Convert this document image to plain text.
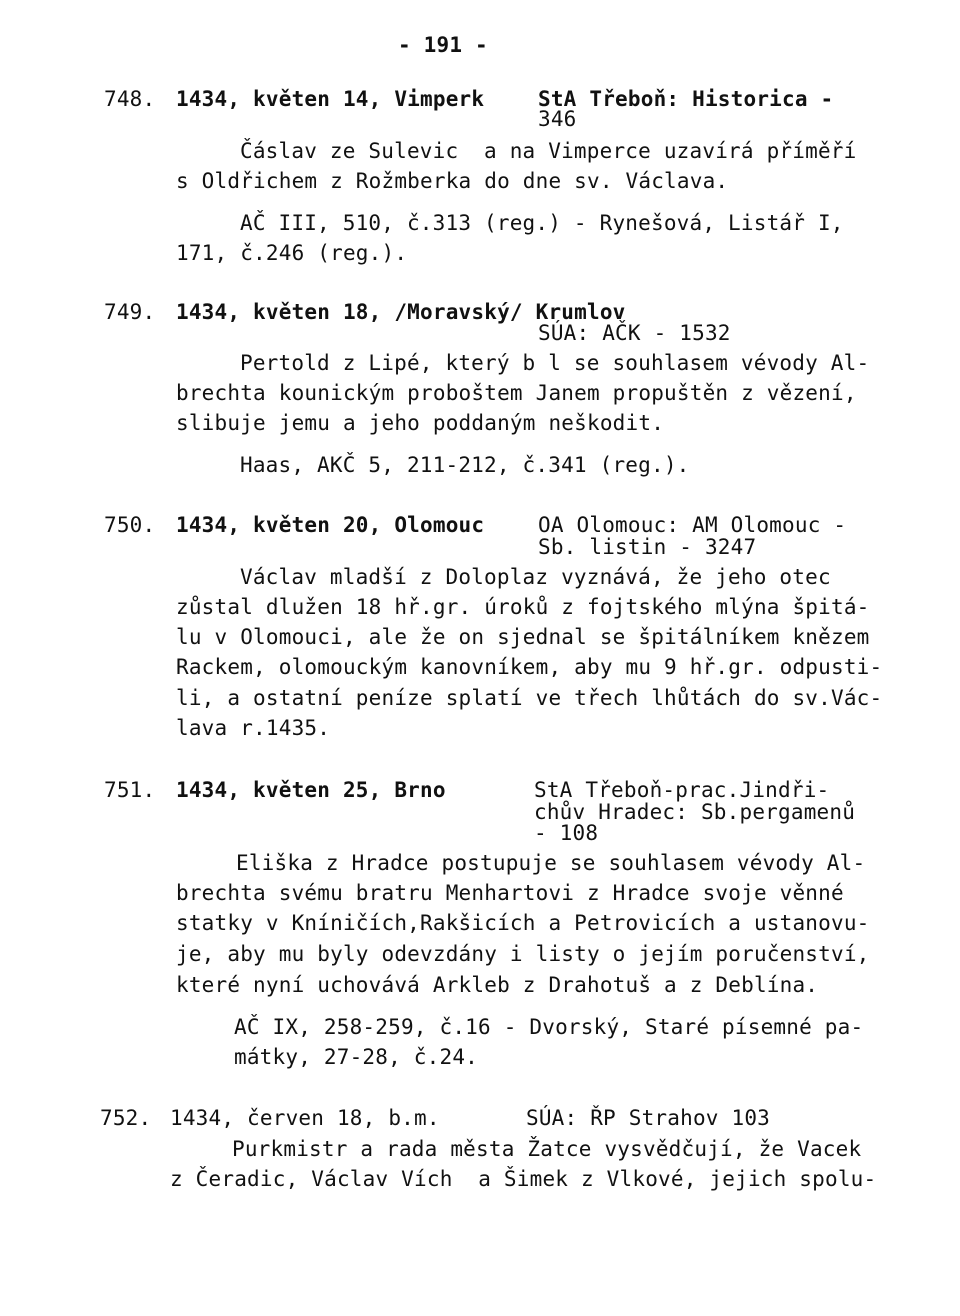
- 191 -
748. 1434, květen 14, Vimperk	StA Třeboň: Historica -
346
Čáslav ze Sulevic  a na Vimperce uzavírá příměří
s Oldřichem z Rožmberka do dne sv. Václava.
AČ III, 510, č.313 (reg.) - Rynešová, Listář I,
171, č.246 (reg.).
749. 1434, květen 18, /Moravský/ Krumlov
SÚA: AČK - 1532
Pertold z Lipé, který b l se souhlasem vévody Al-
brechta kounickým proboštem Janem propuštěn z vězení,
slibuje jemu a jeho poddaným neškodit.
Haas, AKČ 5, 211-212, č.341 (reg.).
750. 1434, květen 20, Olomouc	OA Olomouc: AM Olomouc -
Sb. listin - 3247
Václav mladší z Doloplaz vyznává, že jeho otec
zůstal dlužen 18 hř.gr. úroků z fojtského mlýna špitá-
lu v Olomouci, ale že on sjednal se špitálníkem knězem
Rackem, olomouckým kanovníkem, aby mu 9 hř.gr. odpusti-
li, a ostatní peníze splatí ve třech lhůtách do sv.Vác-
lava r.1435.
751. 1434, květen 25, Brno	StA Třeboň-prac.Jindři-
chův Hradec: Sb.pergamenů
- 108
Eliška z Hradce postupuje se souhlasem vévody Al-
brechta svému bratru Menhartovi z Hradce svoje věnné
statky v Kníničích,Rakšicích a Petrovicích a ustanovu-
je, aby mu byly odevzdány i listy o jejím poručenství,
které nyní uchovává Arkleb z Drahotuš a z Deblína.
AČ IX, 258-259, č.16 - Dvorský, Staré písemné pa-
mátky, 27-28, č.24.
752. 1434, červen 18, b.m.	SÚA: ŘP Strahov 103
Purkmistr a rada města Žatce vysvědčují, že Vacek
z Čeradic, Václav Vích  a Šimek z Vlkové, jejich spolu-
